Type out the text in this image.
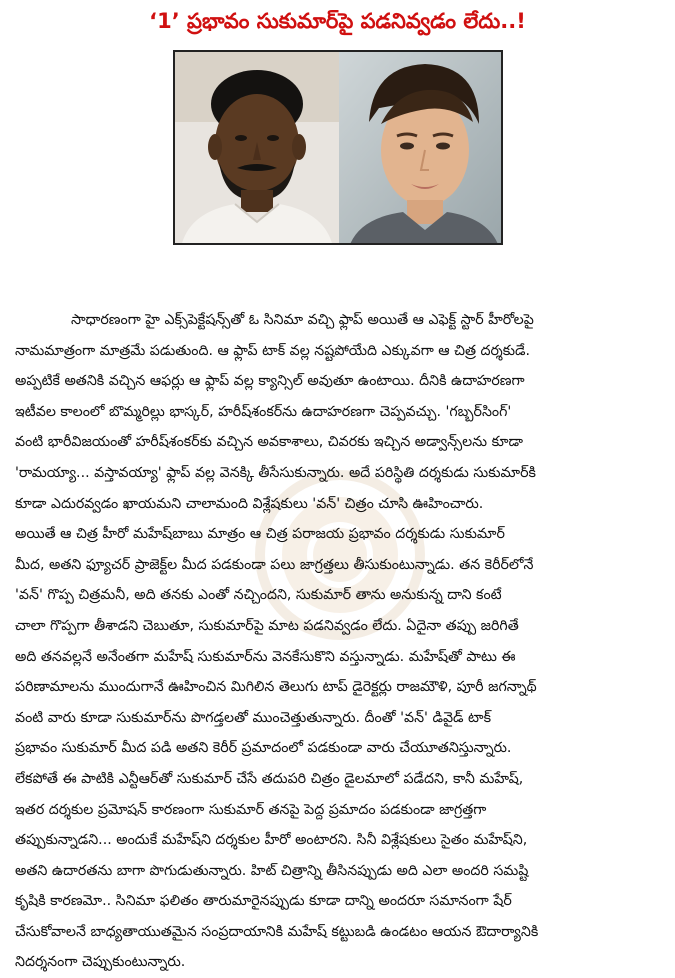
‘1’ ప్రభావం సుకుమార్‌పై పడనివ్వడం లేదు..!
సాధారణంగా హై ఎక్స్‌పెక్టేషన్స్‌తో ఓ సినిమా వచ్చి ఫ్లాప్ అయితే ఆ ఎఫెక్ట్ స్టార్ హీరోలపై
నామమాత్రంగా మాత్రమే పడుతుంది. ఆ ఫ్లాప్ టాక్ వల్ల నష్టపోయేది ఎక్కువగా ఆ చిత్ర దర్శకుడే.
అప్పటికే అతనికి వచ్చిన ఆఫర్లు ఆ ఫ్లాప్ వల్ల క్యాన్సిల్ అవుతూ ఉంటాయి. దీనికి ఉదాహరణగా
ఇటీవల కాలంలో బొమ్మరిల్లు భాస్కర్, హరీష్‌శంకర్‌ను ఉదాహరణగా చెప్పవచ్చు. 'గబ్బర్‌సింగ్'
వంటి భారీవిజయంతో హరీష్‌శంకర్‌కు వచ్చిన అవకాశాలు, చివరకు ఇచ్చిన అడ్వాన్స్‌లను కూడా
'రామయ్యా... వస్తావయ్యా' ఫ్లాప్ వల్ల వెనక్కి తీసేసుకున్నారు. అదే పరిస్థితి దర్శకుడు సుకుమార్‌కి
కూడా ఎదురవ్వడం ఖాయమని చాలామంది విశ్లేషకులు 'వన్' చిత్రం చూసి ఊహించారు.
అయితే ఆ చిత్ర హీరో మహేష్‌బాబు మాత్రం ఆ చిత్ర పరాజయ ప్రభావం దర్శకుడు సుకుమార్
మీద, అతని ఫ్యూచర్ ప్రాజెక్ట్‌ల మీద పడకుండా పలు జాగ్రత్తలు తీసుకుంటున్నాడు. తన కెరీర్‌లోనే
'వన్' గొప్ప చిత్రమనీ, అది తనకు ఎంతో నచ్చిందని, సుకుమార్ తాను అనుకున్న దాని కంటే
చాలా గొప్పగా తీశాడని చెబుతూ, సుకుమార్‌పై మాట పడనివ్వడం లేదు. ఏదైనా తప్పు జరిగితే
అది తనవల్లనే అనేంతగా మహేష్ సుకుమార్‌ను వెనకేసుకొని వస్తున్నాడు. మహేష్‌తో పాటు ఈ
పరిణామాలను ముందుగానే ఊహించిన మిగిలిన తెలుగు టాప్ డైరెక్టర్లు రాజమౌళి, పూరీ జగన్నాథ్
వంటి వారు కూడా సుకుమార్‌ను పొగడ్తలతో ముంచెత్తుతున్నారు. దీంతో 'వన్' డివైడ్ టాక్
ప్రభావం సుకుమార్ మీద పడి అతని కెరీర్ ప్రమాదంలో పడకుండా వారు చేయూతనిస్తున్నారు.
లేకపోతే ఈ పాటికి ఎన్టీఆర్‌తో సుకుమార్ చేసే తదుపరి చిత్రం డైలమాలో పడేదని, కానీ మహేష్,
ఇతర దర్శకుల ప్రమోషన్ కారణంగా సుకుమార్ తనపై పెద్ద ప్రమాదం పడకుండా జాగ్రత్తగా
తప్పుకున్నాడని... అందుకే మహేష్‌ని దర్శకుల హీరో అంటారని. సినీ విశ్లేషకులు సైతం మహేష్‌ని,
అతని ఉదారతను బాగా పొగుడుతున్నారు. హిట్ చిత్రాన్ని తీసినప్పుడు అది ఎలా అందరి సమష్టి
కృషికి కారణమో.. సినిమా ఫలితం తారుమారైనప్పుడు కూడా దాన్ని అందరూ సమానంగా షేర్
చేసుకోవాలనే బాధ్యతాయుతమైన సంప్రదాయానికి మహేష్ కట్టుబడి ఉండటం ఆయన ఔదార్యానికి
నిదర్శనంగా చెప్పుకుంటున్నారు.
